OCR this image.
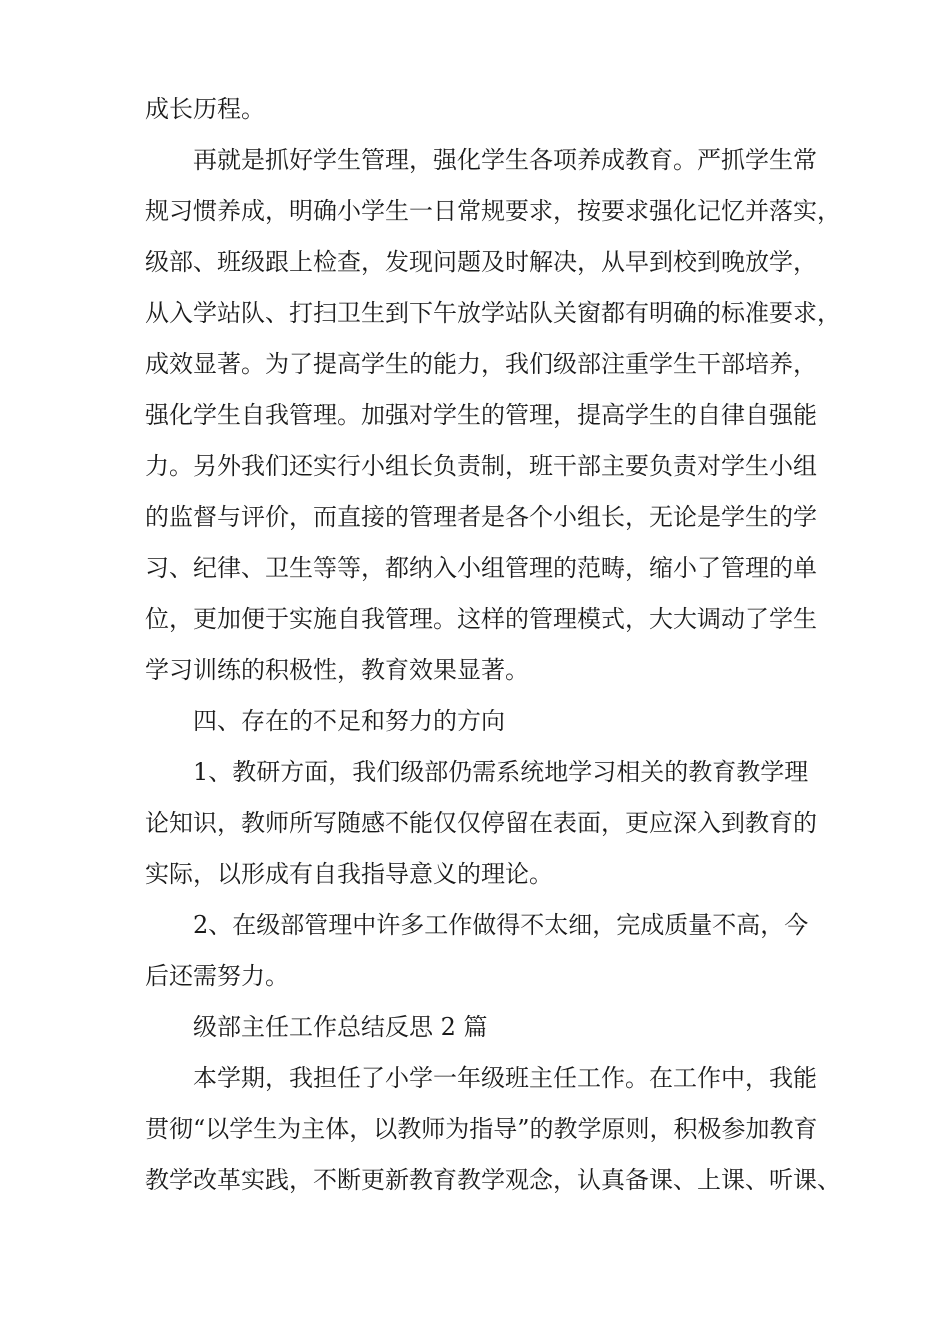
成长历程。
再就是抓好学生管理，强化学生各项养成教育。严抓学生常
规习惯养成，明确小学生一日常规要求，按要求强化记忆并落实，
级部、班级跟上检查，发现问题及时解决，从早到校到晚放学，
从入学站队、打扫卫生到下午放学站队关窗都有明确的标准要求，
成效显著。为了提高学生的能力，我们级部注重学生干部培养，
强化学生自我管理。加强对学生的管理，提高学生的自律自强能
力。另外我们还实行小组长负责制，班干部主要负责对学生小组
的监督与评价，而直接的管理者是各个小组长，无论是学生的学
习、纪律、卫生等等，都纳入小组管理的范畴，缩小了管理的单
位，更加便于实施自我管理。这样的管理模式，大大调动了学生
学习训练的积极性，教育效果显著。
四、存在的不足和努力的方向
1、教研方面，我们级部仍需系统地学习相关的教育教学理
论知识，教师所写随感不能仅仅停留在表面，更应深入到教育的
实际，以形成有自我指导意义的理论。
2、在级部管理中许多工作做得不太细，完成质量不高，今
后还需努力。
级部主任工作总结反思 2 篇
本学期，我担任了小学一年级班主任工作。在工作中，我能
贯彻“以学生为主体，以教师为指导”的教学原则，积极参加教育
教学改革实践，不断更新教育教学观念，认真备课、上课、听课、
